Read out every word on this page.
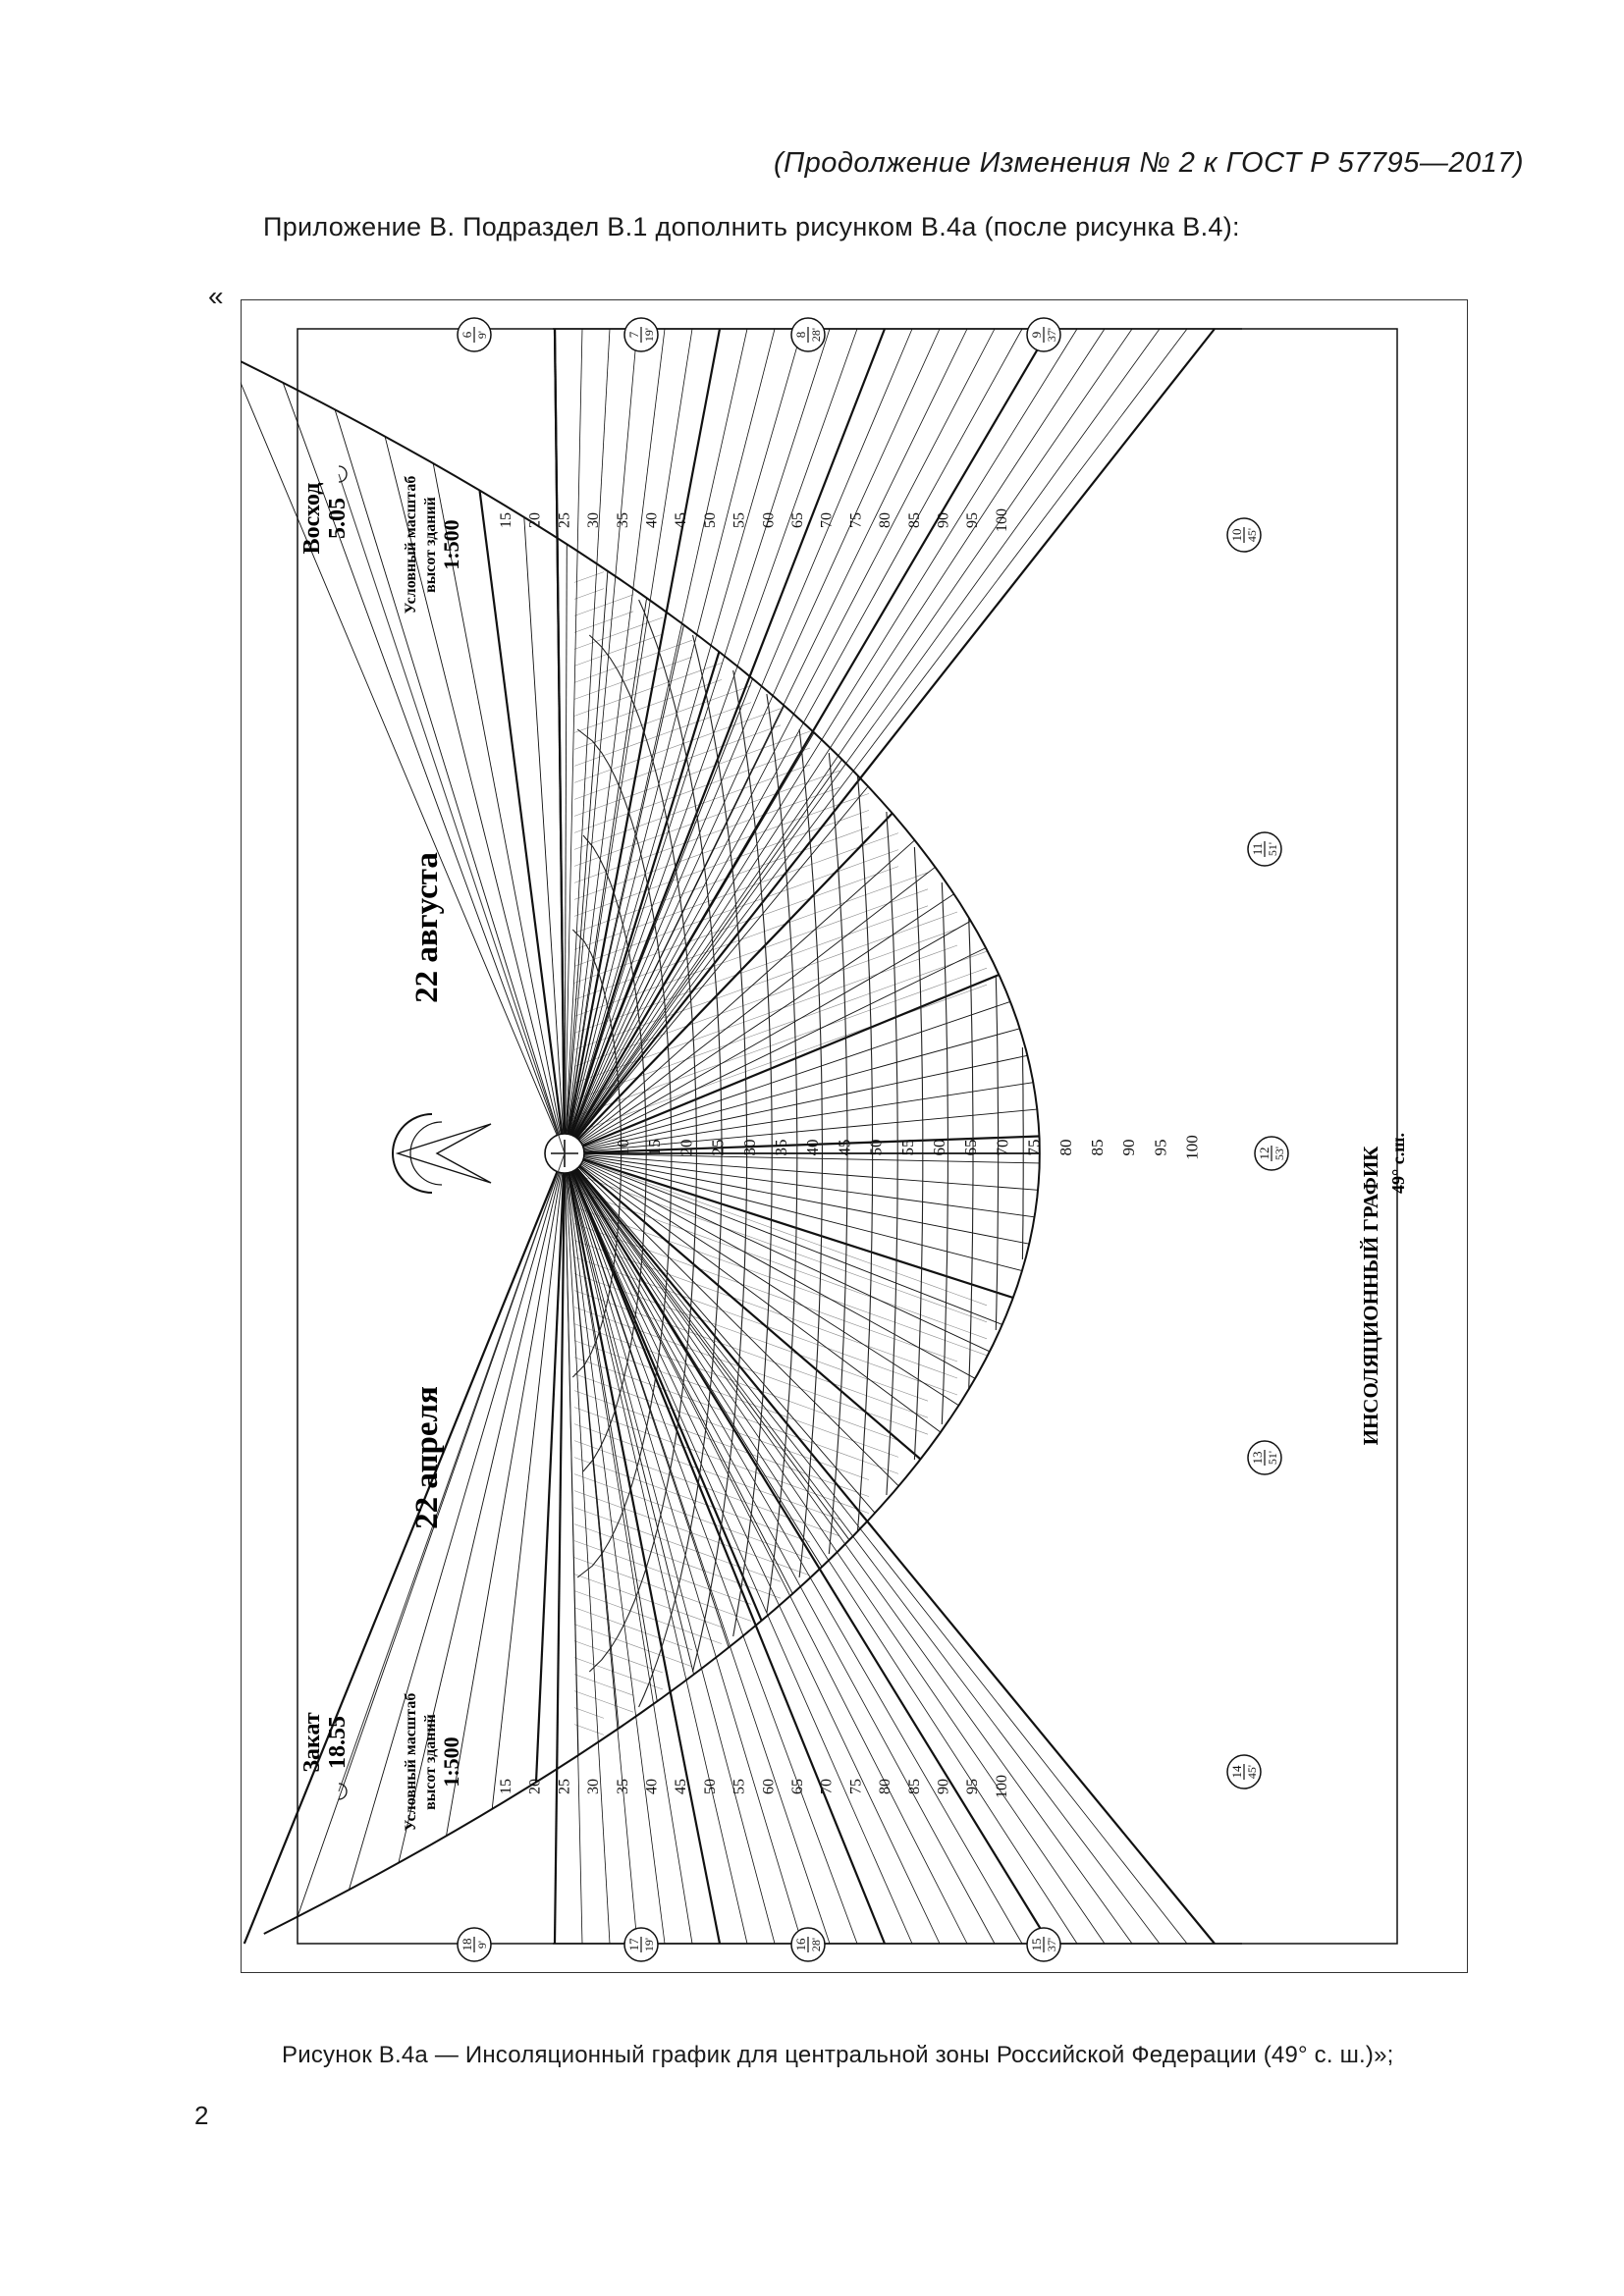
(Продолжение Изменения № 2 к ГОСТ Р 57795—2017)
Приложение В. Подраздел В.1 дополнить рисунком В.4а (после рисунка В.4):
«
10 15 20 25 30 35 40 45 50 55 60 65 70 75 80 85 90 95 100
15
15
20
20
25
25
30
30
35
35
40
40
45
45
50
50
55
55
60
60
65
65
70
70
75
75
80
80
85
85
90
90
95
95
100
100
6 9'	7 19'	8 28'	9 37'
18 9'	17 19'	16 28'	15 37'
10 45'
11 51'
12 53'
13 51'
14 45'
22 августа
22 апреля
Восход 5.05
Закат 18.55
Условный масштаб высот зданий 1:500
Условный масштаб высот зданий 1:500
ИНСОЛЯЦИОННЫЙ ГРАФИК 49° с.ш.
Рисунок В.4а — Инсоляционный график для центральной зоны Российской Федерации (49° с. ш.)»;
2
